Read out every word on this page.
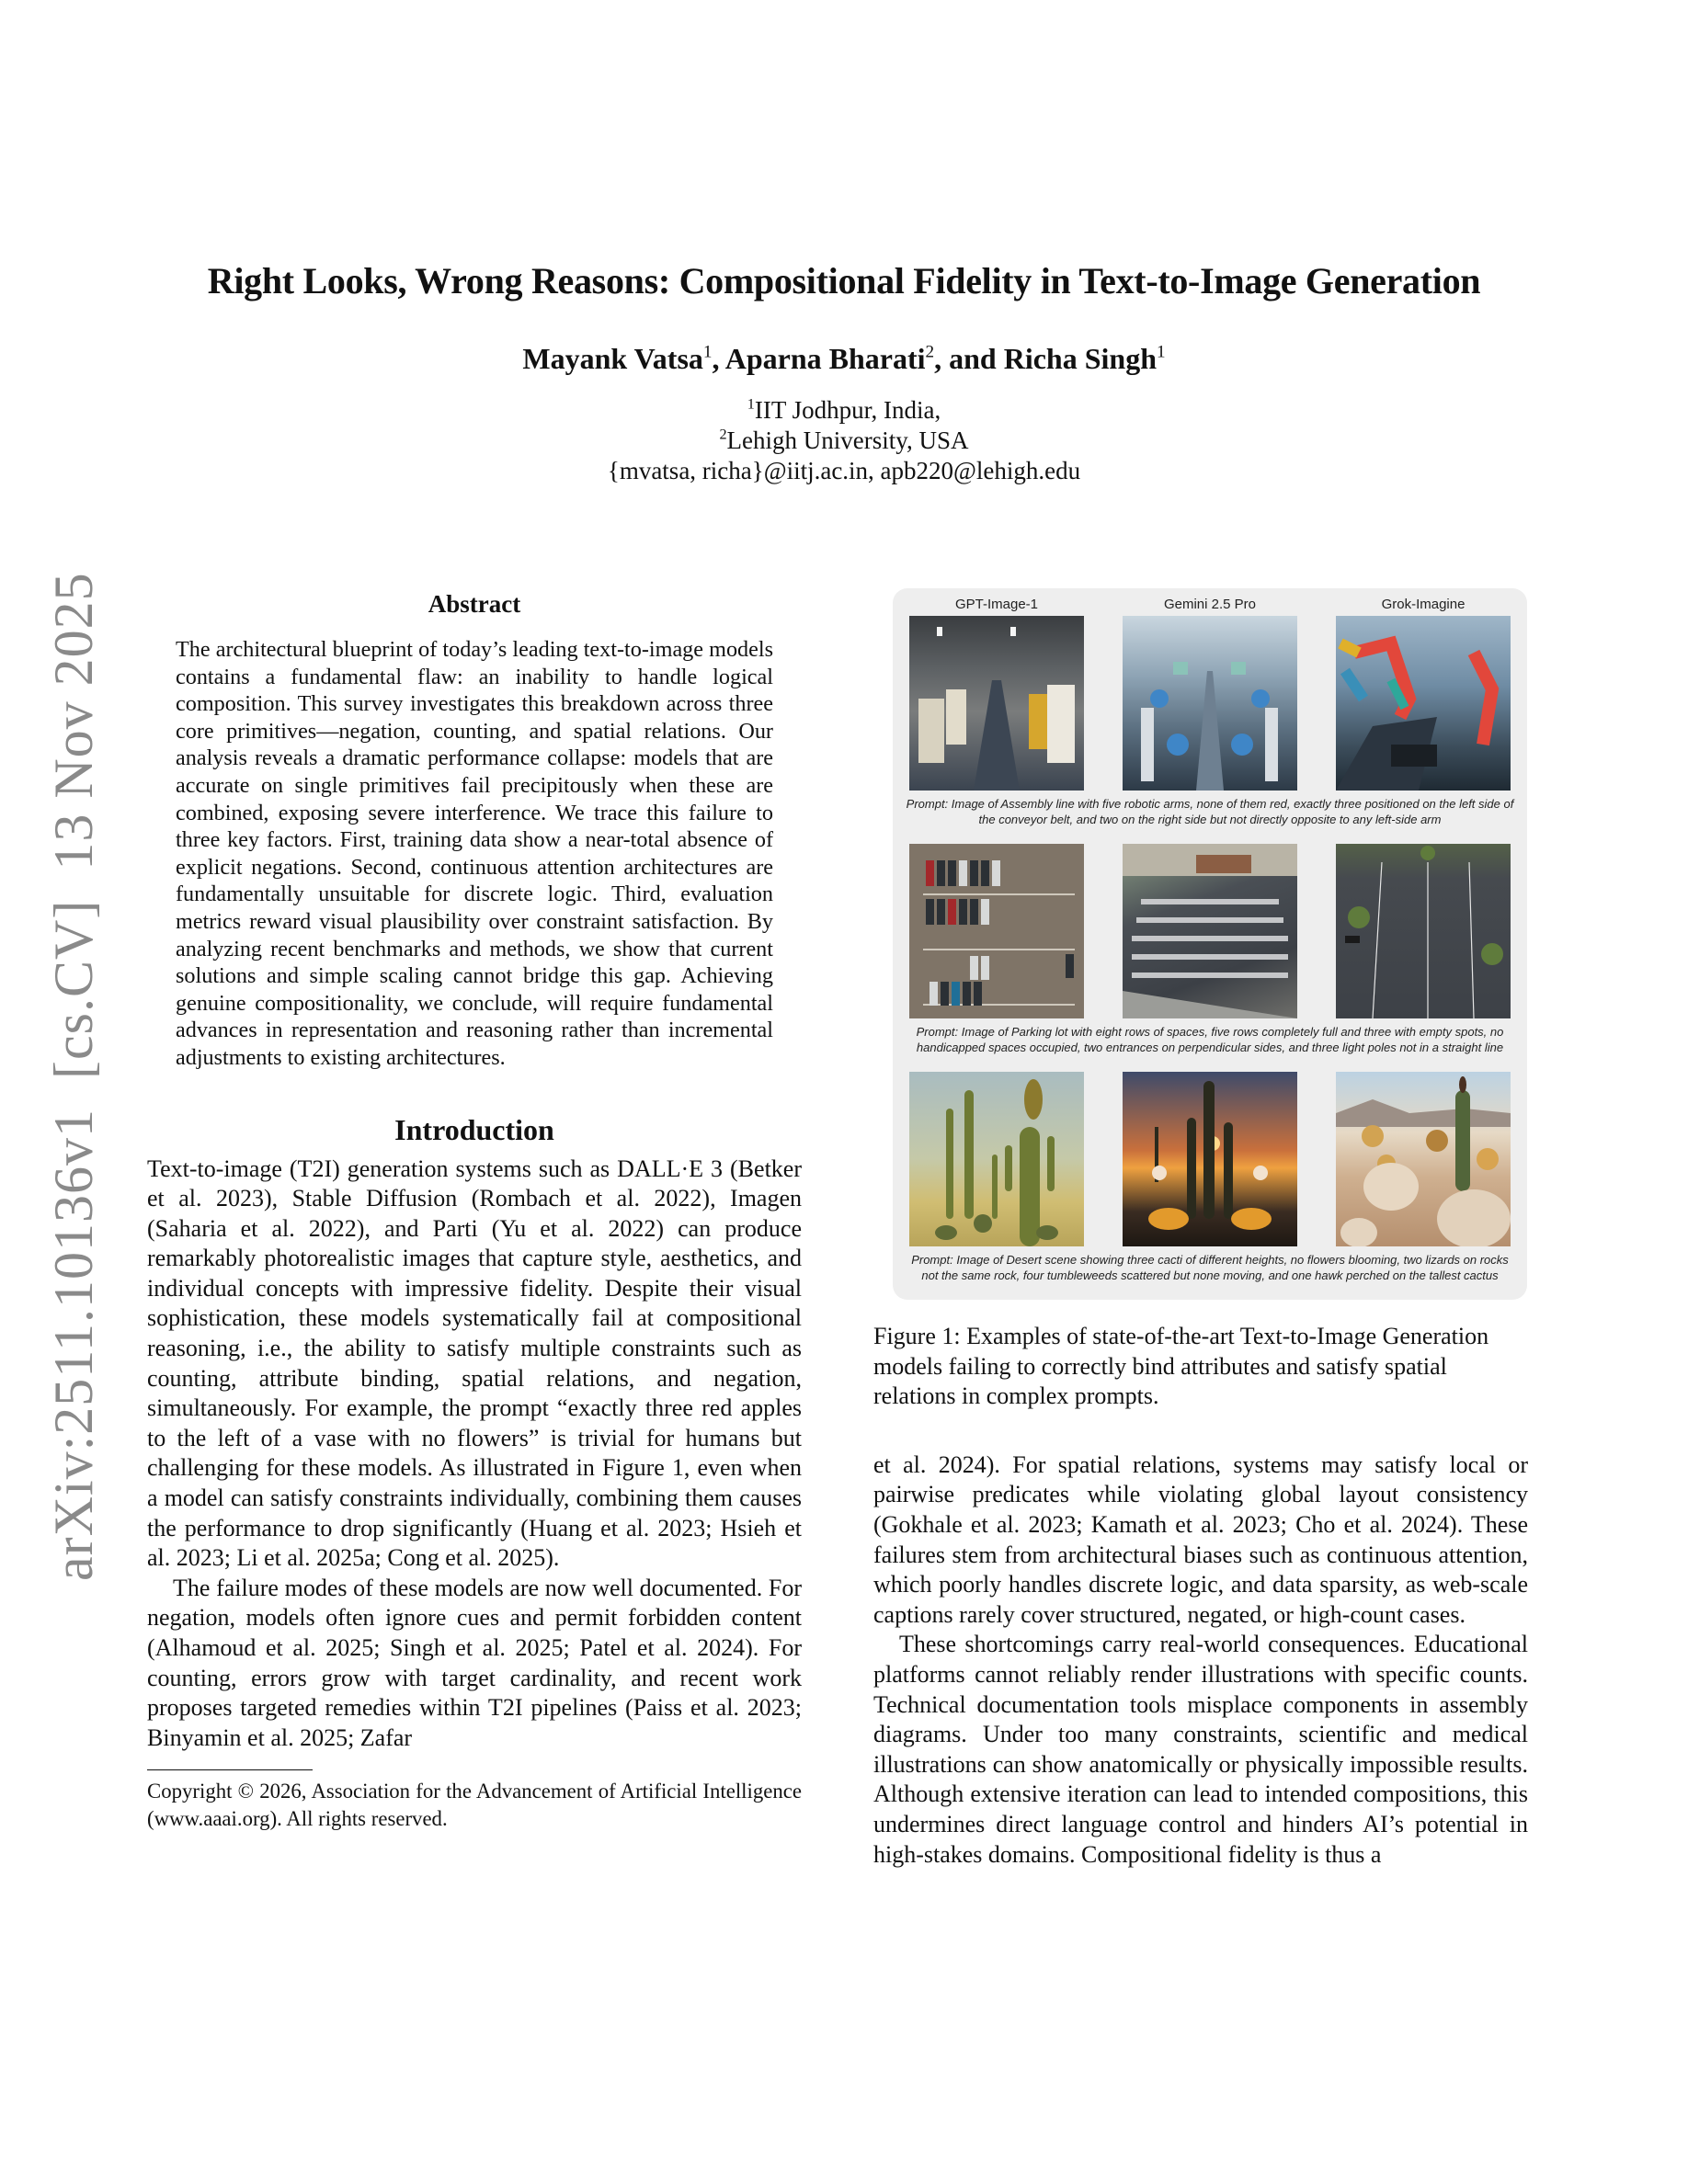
arXiv:2511.10136v1  [cs.CV]  13 Nov 2025
Right Looks, Wrong Reasons: Compositional Fidelity in Text-to-Image Generation
Mayank Vatsa$^1$, Aparna Bharati$^2$, and Richa Singh$^1$
$^1$IIT Jodhpur, India,
$^2$Lehigh University, USA
{mvatsa, richa}@iitj.ac.in, apb220@lehigh.edu
Abstract

The architectural blueprint of today’s leading text-to-image models contains a fundamental flaw: an inability to handle logical composition. This survey investigates this breakdown across three core primitives—negation, counting, and spatial relations. Our analysis reveals a dramatic performance collapse: models that are accurate on single primitives fail precipitously when these are combined, exposing severe interference. We trace this failure to three key factors. First, training data show a near-total absence of explicit negations. Second, continuous attention architectures are fundamentally unsuitable for discrete logic. Third, evaluation metrics reward visual plausibility over constraint satisfaction. By analyzing recent benchmarks and methods, we show that current solutions and simple scaling cannot bridge this gap. Achieving genuine compositionality, we conclude, will require fundamental advances in representation and reasoning rather than incremental adjustments to existing architectures.

Introduction

Text-to-image (T2I) generation systems such as DALL·E 3 (Betker et al. 2023), Stable Diffusion (Rombach et al. 2022), Imagen (Saharia et al. 2022), and Parti (Yu et al. 2022) can produce remarkably photorealistic images that capture style, aesthetics, and individual concepts with impressive fidelity. Despite their visual sophistication, these models systematically fail at compositional reasoning, i.e., the ability to satisfy multiple constraints such as counting, attribute binding, spatial relations, and negation, simultaneously. For example, the prompt “exactly three red apples to the left of a vase with no flowers” is trivial for humans but challenging for these models. As illustrated in Figure 1, even when a model can satisfy constraints individually, combining them causes the performance to drop significantly (Huang et al. 2023; Hsieh et al. 2023; Li et al. 2025a; Cong et al. 2025).

The failure modes of these models are now well documented. For negation, models often ignore cues and permit forbidden content (Alhamoud et al. 2025; Singh et al. 2025; Patel et al. 2024). For counting, errors grow with target cardinality, and recent work proposes targeted remedies within T2I pipelines (Paiss et al. 2023; Binyamin et al. 2025; Zafar

Copyright © 2026, Association for the Advancement of Artificial Intelligence (www.aaai.org). All rights reserved.
GPT-Image-1	Gemini 2.5 Pro	Grok-Imagine
Prompt: Image of Assembly line with five robotic arms, none of them red, exactly three positioned on the left side of the conveyor belt, and two on the right side but not directly opposite to any left-side arm
Prompt: Image of Parking lot with eight rows of spaces, five rows completely full and three with empty spots, no handicapped spaces occupied, two entrances on perpendicular sides, and three light poles not in a straight line
Prompt: Image of Desert scene showing three cacti of different heights, no flowers blooming, two lizards on rocks not the same rock, four tumbleweeds scattered but none moving, and one hawk perched on the tallest cactus

Figure 1: Examples of state-of-the-art Text-to-Image Generation models failing to correctly bind attributes and satisfy spatial relations in complex prompts.

et al. 2024). For spatial relations, systems may satisfy local or pairwise predicates while violating global layout consistency (Gokhale et al. 2023; Kamath et al. 2023; Cho et al. 2024). These failures stem from architectural biases such as continuous attention, which poorly handles discrete logic, and data sparsity, as web-scale captions rarely cover structured, negated, or high-count cases.

These shortcomings carry real-world consequences. Educational platforms cannot reliably render illustrations with specific counts. Technical documentation tools misplace components in assembly diagrams. Under too many constraints, scientific and medical illustrations can show anatomically or physically impossible results. Although extensive iteration can lead to intended compositions, this undermines direct language control and hinders AI’s potential in high-stakes domains. Compositional fidelity is thus a
